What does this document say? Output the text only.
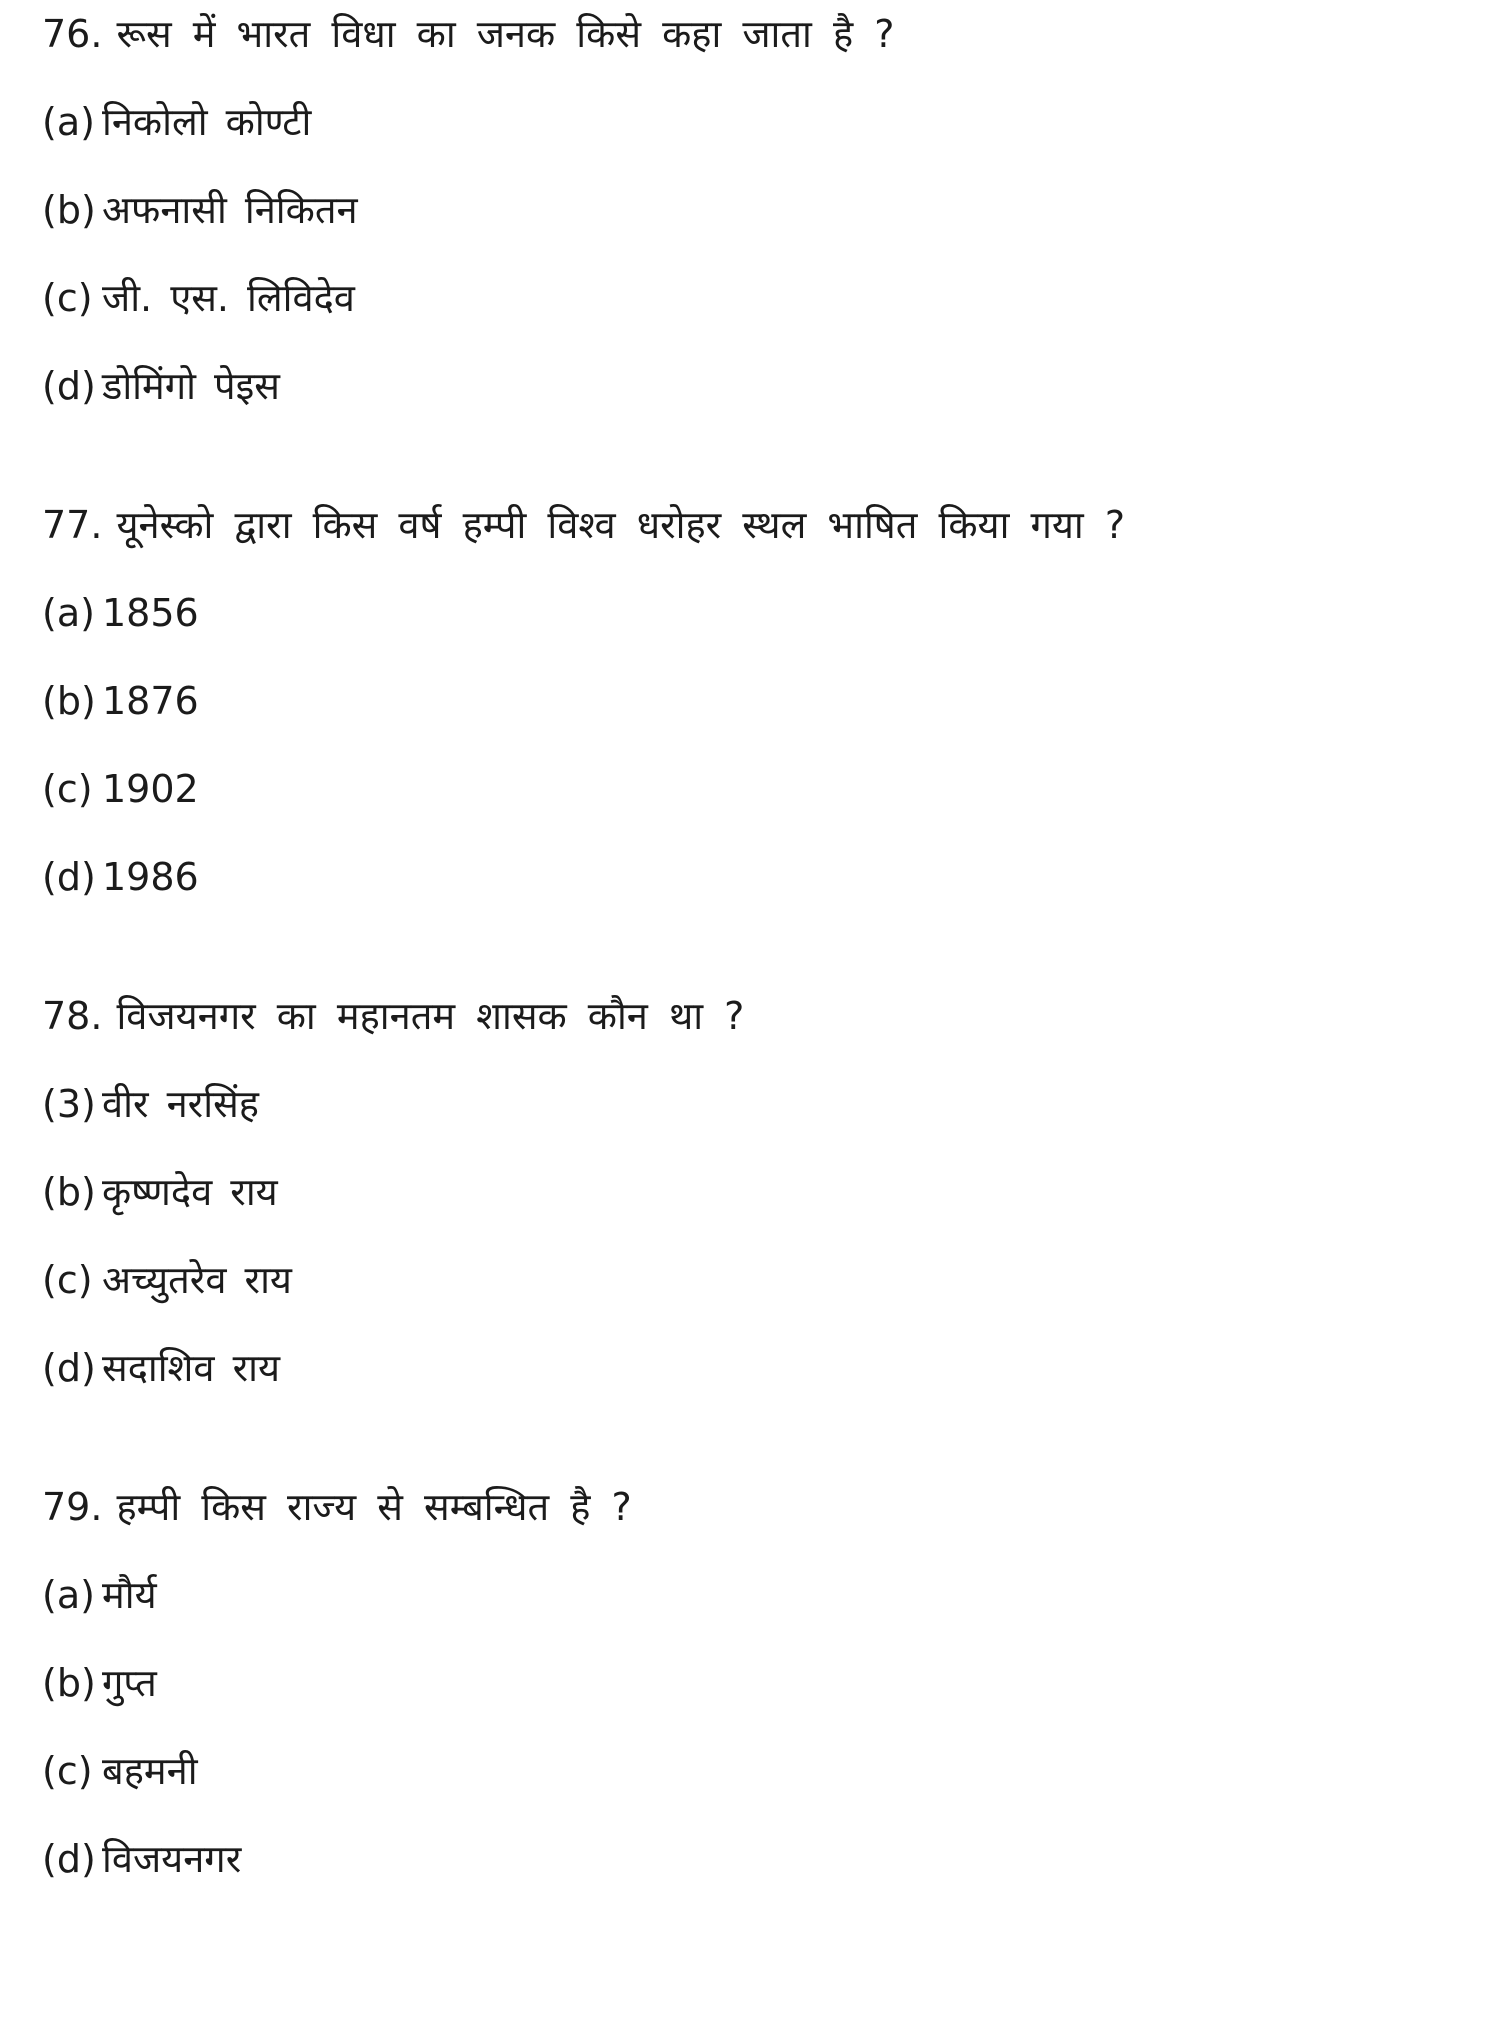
76. रूस में भारत विधा का जनक किसे कहा जाता है ?
(a) निकोलो कोण्टी
(b) अफनासी निकितन
(c) जी. एस. लिविदेव
(d) डोमिंगो पेइस
77. यूनेस्को द्वारा किस वर्ष हम्पी विश्व धरोहर स्थल भाषित किया गया ?
(a) 1856
(b) 1876
(c) 1902
(d) 1986
78. विजयनगर का महानतम शासक कौन था ?
(3) वीर नरसिंह
(b) कृष्णदेव राय
(c) अच्युतरेव राय
(d) सदाशिव राय
79. हम्पी किस राज्य से सम्बन्धित है ?
(a) मौर्य
(b) गुप्त
(c) बहमनी
(d) विजयनगर
